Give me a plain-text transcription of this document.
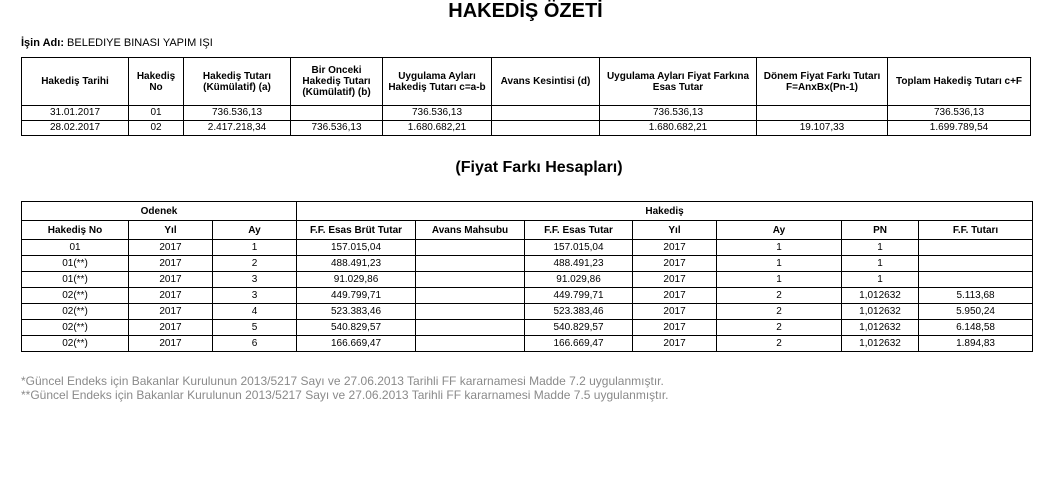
HAKEDİŞ ÖZETİ
İşin Adı: BELEDIYE BINASI YAPIM IŞI
Hakediş Tarihi	Hakediş No	Hakediş Tutarı (Kümülatif) (a)	Bir Onceki Hakediş Tutarı (Kümülatif) (b)	Uygulama Ayları Hakediş Tutarı c=a-b	Avans Kesintisi (d)	Uygulama Ayları Fiyat Farkına Esas Tutar	Dönem Fiyat Farkı Tutarı F=AnxBx(Pn-1)	Toplam Hakediş Tutarı c+F
31.01.2017	01	736.536,13		736.536,13		736.536,13		736.536,13
28.02.2017	02	2.417.218,34	736.536,13	1.680.682,21		1.680.682,21	19.107,33	1.699.789,54
(Fiyat Farkı Hesapları)
Odenek			Hakediş						
Hakediş No	Yıl	Ay	F.F. Esas Brüt Tutar	Avans Mahsubu	F.F. Esas Tutar	Yıl	Ay	PN	F.F. Tutarı
01	2017	1	157.015,04		157.015,04	2017	1	1	
01(**)	2017	2	488.491,23		488.491,23	2017	1	1	
01(**)	2017	3	91.029,86		91.029,86	2017	1	1	
02(**)	2017	3	449.799,71		449.799,71	2017	2	1,012632	5.113,68
02(**)	2017	4	523.383,46		523.383,46	2017	2	1,012632	5.950,24
02(**)	2017	5	540.829,57		540.829,57	2017	2	1,012632	6.148,58
02(**)	2017	6	166.669,47		166.669,47	2017	2	1,012632	1.894,83
*Güncel Endeks için Bakanlar Kurulunun 2013/5217 Sayı ve 27.06.2013 Tarihli FF kararnamesi Madde 7.2 uygulanmıştır.
**Güncel Endeks için Bakanlar Kurulunun 2013/5217 Sayı ve 27.06.2013 Tarihli FF kararnamesi Madde 7.5 uygulanmıştır.
